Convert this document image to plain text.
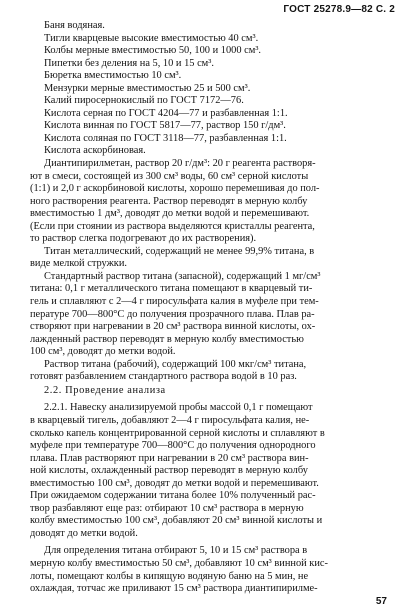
ГОСТ 25278.9—82 С. 2
Баня водяная.
Тигли кварцевые высокие вместимостью 40 см³.
Колбы мерные вместимостью 50, 100 и 1000 см³.
Пипетки без деления на 5, 10 и 15 см³.
Бюретка вместимостью 10 см³.
Мензурки мерные вместимостью 25 и 500 см³.
Калий пиросернокислый по ГОСТ 7172—76.
Кислота серная по ГОСТ 4204—77 и разбавленная 1:1.
Кислота винная по ГОСТ 5817—77, раствор 150 г/дм³.
Кислота соляная по ГОСТ 3118—77, разбавленная 1:1.
Кислота аскорбиновая.
Диантипирилметан, раствор 20 г/дм³: 20 г реагента растворя-
ют в смеси, состоящей из 300 см³ воды, 60 см³ серной кислоты
(1:1) и 2,0 г аскорбиновой кислоты, хорошо перемешивая до пол-
ного растворения реагента. Раствор переводят в мерную колбу
вместимостью 1 дм³, доводят до метки водой и перемешивают.
(Если при стоянии из раствора выделяются кристаллы реагента,
то раствор слегка подогревают до их растворения).
Титан металлический, содержащий не менее 99,9% титана, в
виде мелкой стружки.
Стандартный раствор титана (запасной), содержащий 1 мг/см³
титана: 0,1 г металлического титана помещают в кварцевый ти-
гель и сплавляют с 2—4 г пиросульфата калия в муфеле при тем-
пературе 700—800°С до получения прозрачного плава. Плав ра-
створяют при нагревании в 20 см³ раствора винной кислоты, ох-
лажденный раствор переводят в мерную колбу вместимостью
100 см³, доводят до метки водой.
Раствор титана (рабочий), содержащий 100 мкг/см³ титана,
готовят разбавлением стандартного раствора водой в 10 раз.
2.2. Проведение анализа
2.2.1. Навеску анализируемой пробы массой 0,1 г помещают
в кварцевый тигель, добавляют 2—4 г пиросульфата калия, не-
сколько капель концентрированной серной кислоты и сплавляют в
муфеле при температуре 700—800°С до получения однородного
плава. Плав растворяют при нагревании в 20 см³ раствора вин-
ной кислоты, охлажденный раствор переводят в мерную колбу
вместимостью 100 см³, доводят до метки водой и перемешивают.
При ожидаемом содержании титана более 10% полученный рас-
твор разбавляют еще раз: отбирают 10 см³ раствора в мерную
колбу вместимостью 100 см³, добавляют 20 см³ винной кислоты и
доводят до метки водой.
Для определения титана отбирают 5, 10 и 15 см³ раствора в
мерную колбу вместимостью 50 см³, добавляют 10 см³ винной кис-
лоты, помещают колбы в кипящую водяную баню на 5 мин, не
охлаждая, тотчас же приливают 15 см³ раствора диантипирилме-
57
